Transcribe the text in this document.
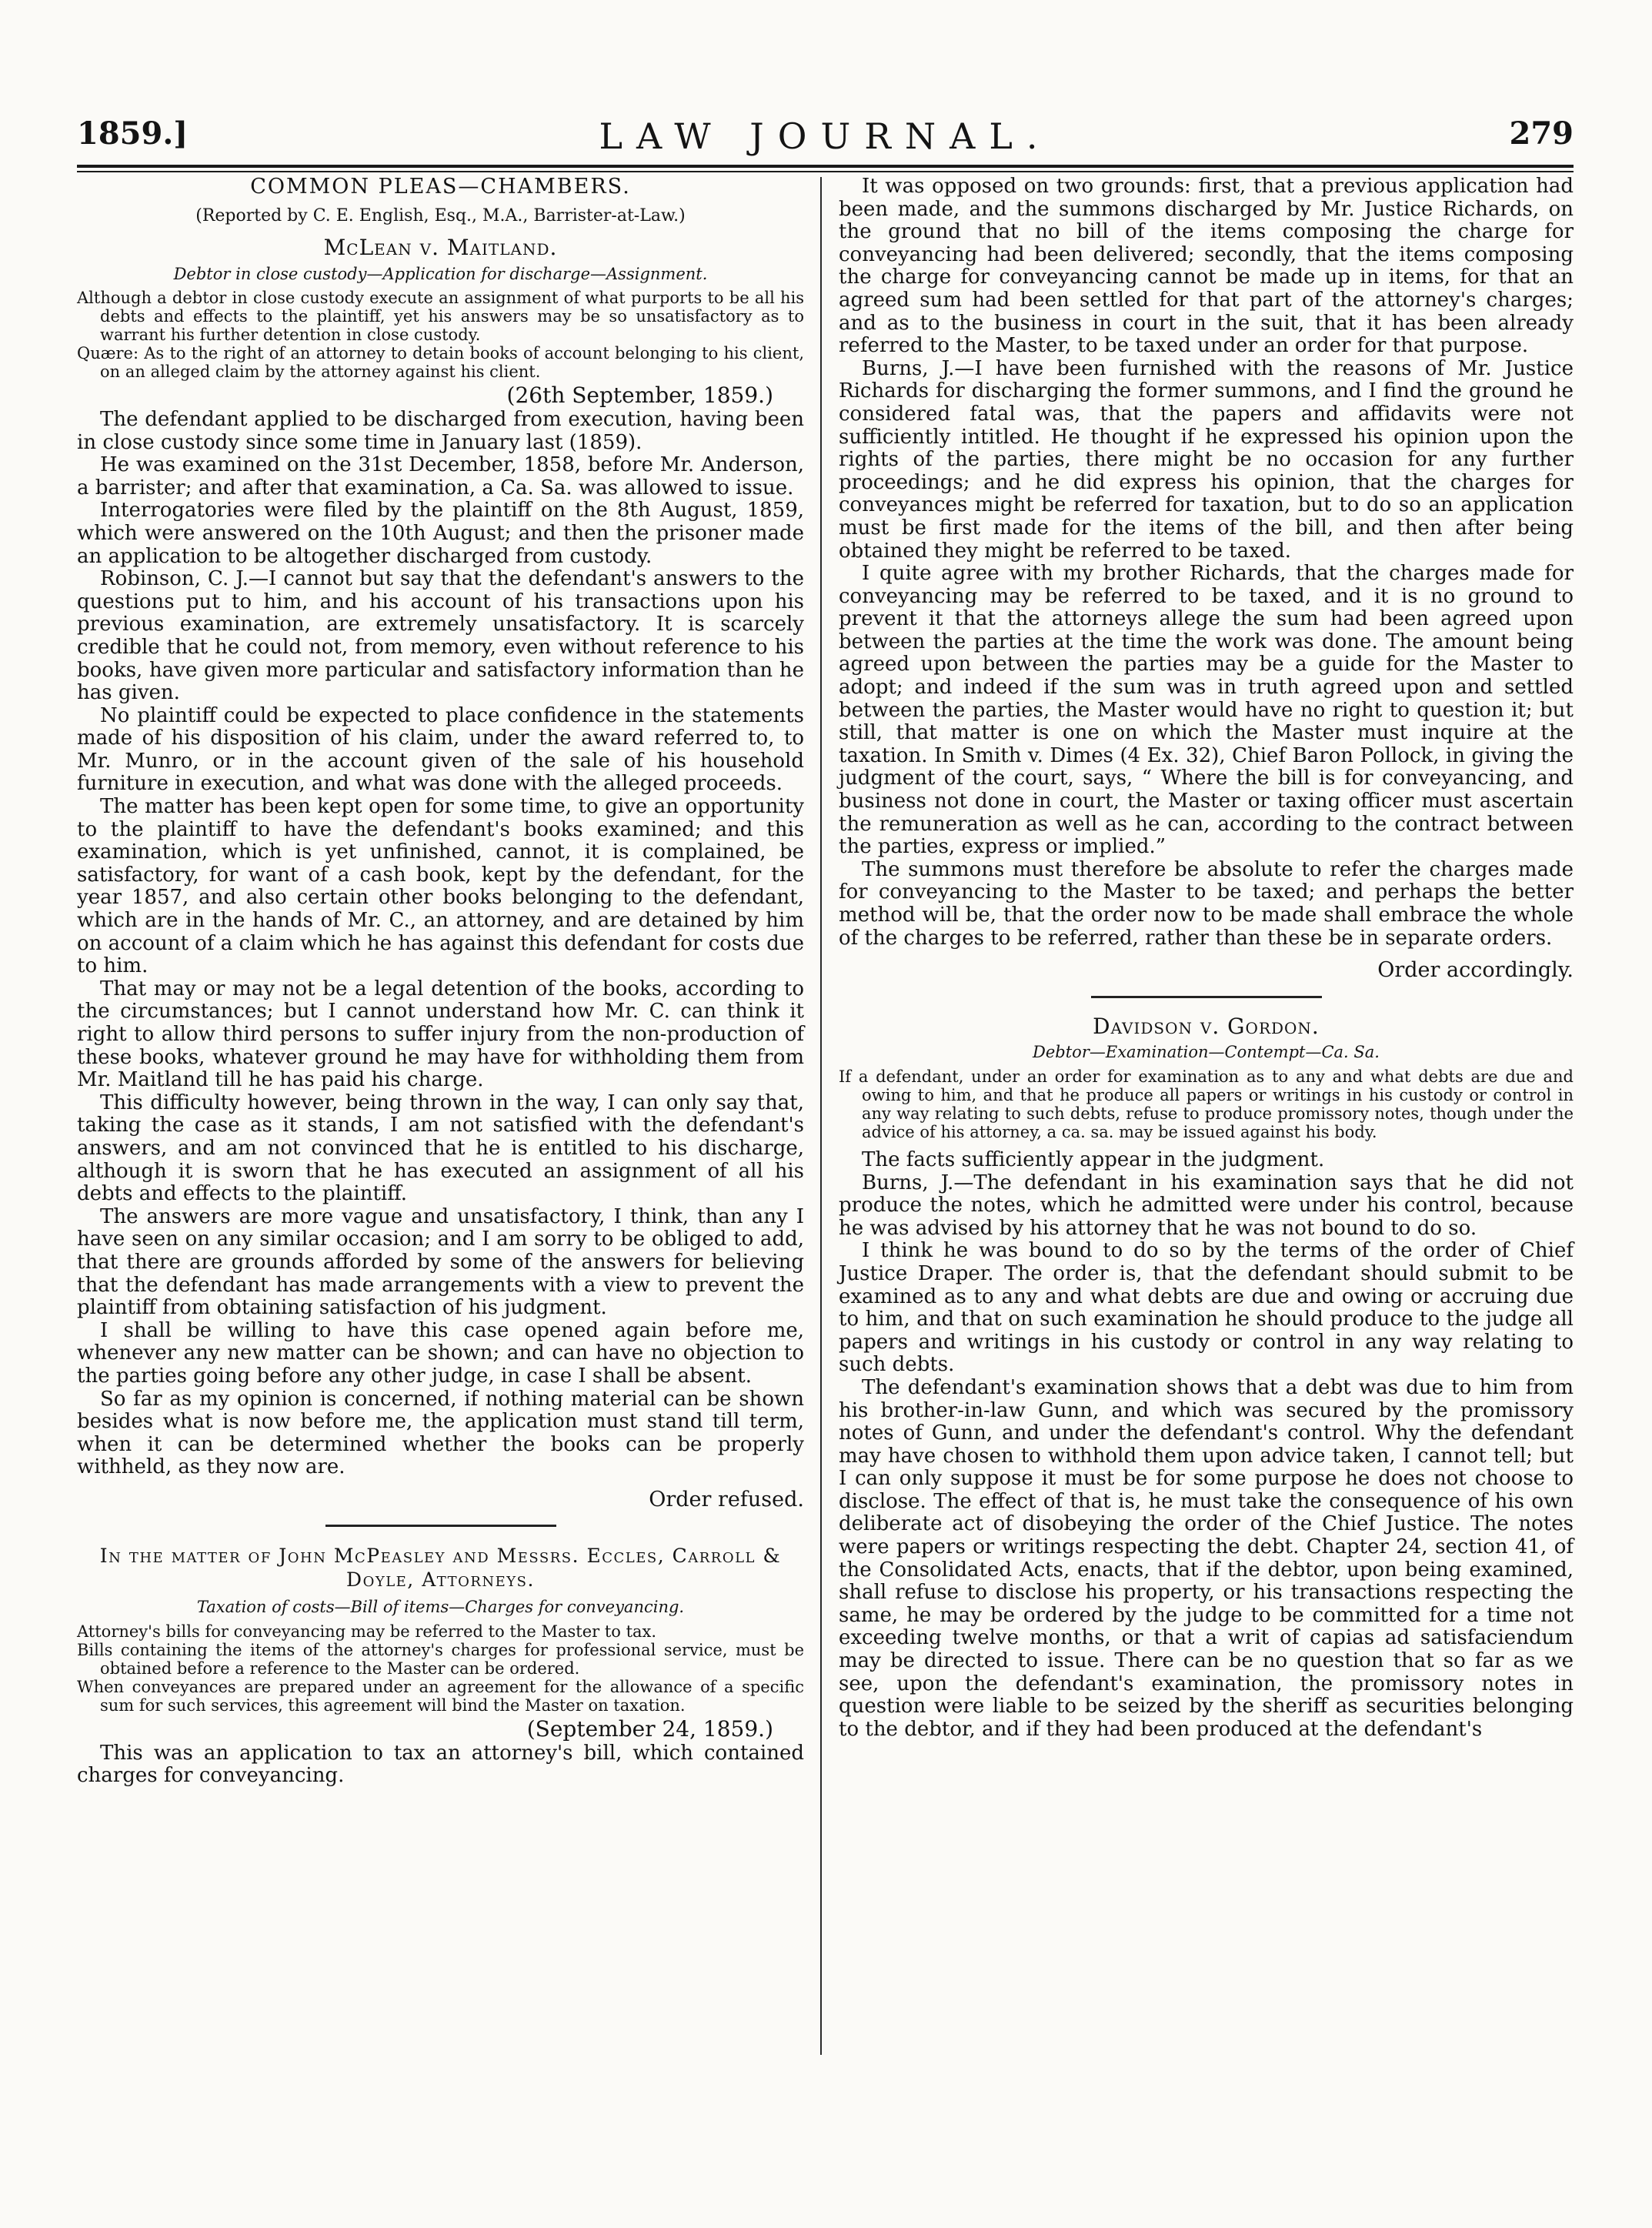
1859.]	LAW JOURNAL.	279
COMMON PLEAS—CHAMBERS.
(Reported by C. E. English, Esq., M.A., Barrister-at-Law.)
McLean v. Maitland.
Debtor in close custody—Application for discharge—Assignment.

Although a debtor in close custody execute an assignment of what purports to be all his debts and effects to the plaintiff, yet his answers may be so unsatisfactory as to warrant his further detention in close custody.

Quære: As to the right of an attorney to detain books of account belonging to his client, on an alleged claim by the attorney against his client.

(26th September, 1859.)

The defendant applied to be discharged from execution, having been in close custody since some time in January last (1859).

He was examined on the 31st December, 1858, before Mr. Anderson, a barrister; and after that examination, a Ca. Sa. was allowed to issue.

Interrogatories were filed by the plaintiff on the 8th August, 1859, which were answered on the 10th August; and then the prisoner made an application to be altogether discharged from custody.

Robinson, C. J.—I cannot but say that the defendant's answers to the questions put to him, and his account of his transactions upon his previous examination, are extremely unsatisfactory. It is scarcely credible that he could not, from memory, even without reference to his books, have given more particular and satisfactory information than he has given.

No plaintiff could be expected to place confidence in the statements made of his disposition of his claim, under the award referred to, to Mr. Munro, or in the account given of the sale of his household furniture in execution, and what was done with the alleged proceeds.

The matter has been kept open for some time, to give an opportunity to the plaintiff to have the defendant's books examined; and this examination, which is yet unfinished, cannot, it is complained, be satisfactory, for want of a cash book, kept by the defendant, for the year 1857, and also certain other books belonging to the defendant, which are in the hands of Mr. C., an attorney, and are detained by him on account of a claim which he has against this defendant for costs due to him.

That may or may not be a legal detention of the books, according to the circumstances; but I cannot understand how Mr. C. can think it right to allow third persons to suffer injury from the non-production of these books, whatever ground he may have for withholding them from Mr. Maitland till he has paid his charge.

This difficulty however, being thrown in the way, I can only say that, taking the case as it stands, I am not satisfied with the defendant's answers, and am not convinced that he is entitled to his discharge, although it is sworn that he has executed an assignment of all his debts and effects to the plaintiff.

The answers are more vague and unsatisfactory, I think, than any I have seen on any similar occasion; and I am sorry to be obliged to add, that there are grounds afforded by some of the answers for believing that the defendant has made arrangements with a view to prevent the plaintiff from obtaining satisfaction of his judgment.

I shall be willing to have this case opened again before me, whenever any new matter can be shown; and can have no objection to the parties going before any other judge, in case I shall be absent.

So far as my opinion is concerned, if nothing material can be shown besides what is now before me, the application must stand till term, when it can be determined whether the books can be properly withheld, as they now are.

Order refused.
In the matter of John McPeasley and Messrs. Eccles, Carroll & Doyle, Attorneys.
Taxation of costs—Bill of items—Charges for conveyancing.

Attorney's bills for conveyancing may be referred to the Master to tax.

Bills containing the items of the attorney's charges for professional service, must be obtained before a reference to the Master can be ordered.

When conveyances are prepared under an agreement for the allowance of a specific sum for such services, this agreement will bind the Master on taxation.

(September 24, 1859.)

This was an application to tax an attorney's bill, which contained charges for conveyancing.

It was opposed on two grounds: first, that a previous application had been made, and the summons discharged by Mr. Justice Richards, on the ground that no bill of the items composing the charge for conveyancing had been delivered; secondly, that the items composing the charge for conveyancing cannot be made up in items, for that an agreed sum had been settled for that part of the attorney's charges; and as to the business in court in the suit, that it has been already referred to the Master, to be taxed under an order for that purpose.

Burns, J.—I have been furnished with the reasons of Mr. Justice Richards for discharging the former summons, and I find the ground he considered fatal was, that the papers and affidavits were not sufficiently intitled. He thought if he expressed his opinion upon the rights of the parties, there might be no occasion for any further proceedings; and he did express his opinion, that the charges for conveyances might be referred for taxation, but to do so an application must be first made for the items of the bill, and then after being obtained they might be referred to be taxed.

I quite agree with my brother Richards, that the charges made for conveyancing may be referred to be taxed, and it is no ground to prevent it that the attorneys allege the sum had been agreed upon between the parties at the time the work was done. The amount being agreed upon between the parties may be a guide for the Master to adopt; and indeed if the sum was in truth agreed upon and settled between the parties, the Master would have no right to question it; but still, that matter is one on which the Master must inquire at the taxation. In Smith v. Dimes (4 Ex. 32), Chief Baron Pollock, in giving the judgment of the court, says, “ Where the bill is for conveyancing, and business not done in court, the Master or taxing officer must ascertain the remuneration as well as he can, according to the contract between the parties, express or implied.”

The summons must therefore be absolute to refer the charges made for conveyancing to the Master to be taxed; and perhaps the better method will be, that the order now to be made shall embrace the whole of the charges to be referred, rather than these be in separate orders.

Order accordingly.
Davidson v. Gordon.
Debtor—Examination—Contempt—Ca. Sa.

If a defendant, under an order for examination as to any and what debts are due and owing to him, and that he produce all papers or writings in his custody or control in any way relating to such debts, refuse to produce promissory notes, though under the advice of his attorney, a ca. sa. may be issued against his body.

The facts sufficiently appear in the judgment.

Burns, J.—The defendant in his examination says that he did not produce the notes, which he admitted were under his control, because he was advised by his attorney that he was not bound to do so.

I think he was bound to do so by the terms of the order of Chief Justice Draper. The order is, that the defendant should submit to be examined as to any and what debts are due and owing or accruing due to him, and that on such examination he should produce to the judge all papers and writings in his custody or control in any way relating to such debts.

The defendant's examination shows that a debt was due to him from his brother-in-law Gunn, and which was secured by the promissory notes of Gunn, and under the defendant's control. Why the defendant may have chosen to withhold them upon advice taken, I cannot tell; but I can only suppose it must be for some purpose he does not choose to disclose. The effect of that is, he must take the consequence of his own deliberate act of disobeying the order of the Chief Justice. The notes were papers or writings respecting the debt. Chapter 24, section 41, of the Consolidated Acts, enacts, that if the debtor, upon being examined, shall refuse to disclose his property, or his transactions respecting the same, he may be ordered by the judge to be committed for a time not exceeding twelve months, or that a writ of capias ad satisfaciendum may be directed to issue. There can be no question that so far as we see, upon the defendant's examination, the promissory notes in question were liable to be seized by the sheriff as securities belonging to the debtor, and if they had been produced at the defendant's
